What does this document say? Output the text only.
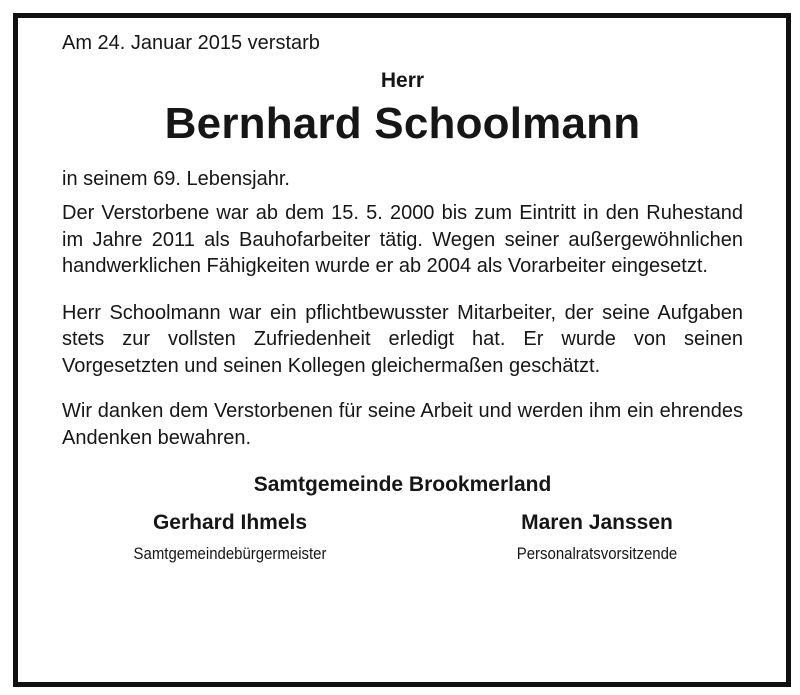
Am 24. Januar 2015 verstarb

Herr

Bernhard Schoolmann

in seinem 69. Lebensjahr.

Der Verstorbene war ab dem 15. 5. 2000 bis zum Eintritt in den Ruhestand im Jahre 2011 als Bauhofarbeiter tätig. Wegen seiner außergewöhnlichen handwerklichen Fähigkeiten wurde er ab 2004 als Vorarbeiter eingesetzt.

Herr Schoolmann war ein pflichtbewusster Mitarbeiter, der seine Aufgaben stets zur vollsten Zufriedenheit erledigt hat. Er wurde von seinen Vorgesetzten und seinen Kollegen gleichermaßen geschätzt.

Wir danken dem Verstorbenen für seine Arbeit und werden ihm ein ehrendes Andenken bewahren.

Samtgemeinde Brookmerland

Gerhard Ihmels
Samtgemeindebürgermeister
Maren Janssen
Personalratsvorsitzende
